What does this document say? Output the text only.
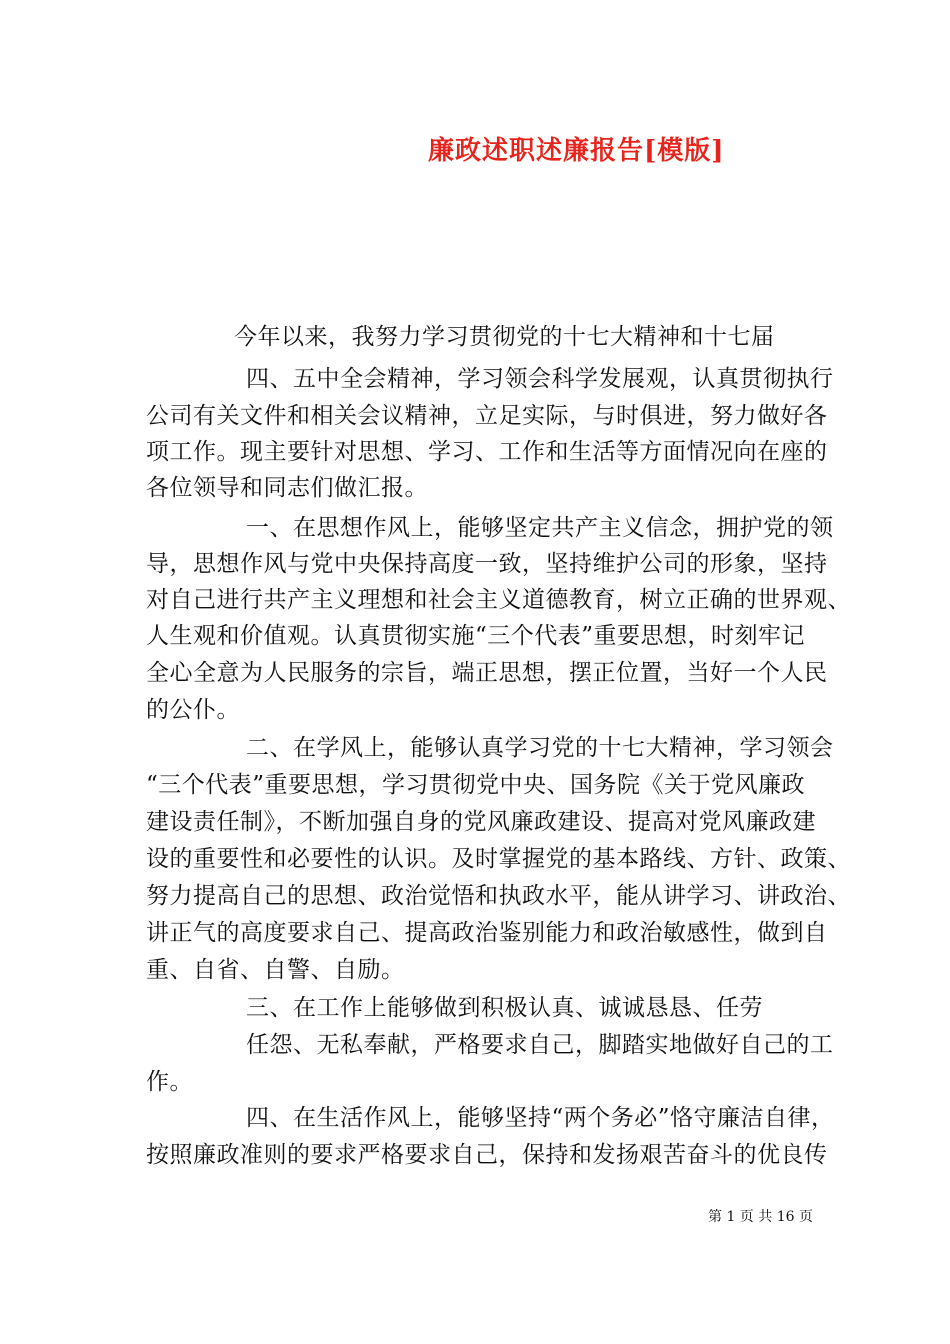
廉政述职述廉报告[模版]
今年以来，我努力学习贯彻党的十七大精神和十七届
四、五中全会精神，学习领会科学发展观，认真贯彻执行
公司有关文件和相关会议精神，立足实际，与时俱进，努力做好各
项工作。现主要针对思想、学习、工作和生活等方面情况向在座的
各位领导和同志们做汇报。
一、在思想作风上，能够坚定共产主义信念，拥护党的领
导，思想作风与党中央保持高度一致，坚持维护公司的形象，坚持
对自己进行共产主义理想和社会主义道德教育，树立正确的世界观、
人生观和价值观。认真贯彻实施“三个代表”重要思想，时刻牢记
全心全意为人民服务的宗旨，端正思想，摆正位置，当好一个人民
的公仆。
二、在学风上，能够认真学习党的十七大精神，学习领会
“三个代表”重要思想，学习贯彻党中央、国务院《关于党风廉政
建设责任制》，不断加强自身的党风廉政建设、提高对党风廉政建
设的重要性和必要性的认识。及时掌握党的基本路线、方针、政策、
努力提高自己的思想、政治觉悟和执政水平，能从讲学习、讲政治、
讲正气的高度要求自己、提高政治鉴别能力和政治敏感性，做到自
重、自省、自警、自励。
三、在工作上能够做到积极认真、诚诚恳恳、任劳
任怨、无私奉献，严格要求自己，脚踏实地做好自己的工
作。
四、在生活作风上，能够坚持“两个务必”恪守廉洁自律，
按照廉政准则的要求严格要求自己，保持和发扬艰苦奋斗的优良传
第 1 页 共 16 页
